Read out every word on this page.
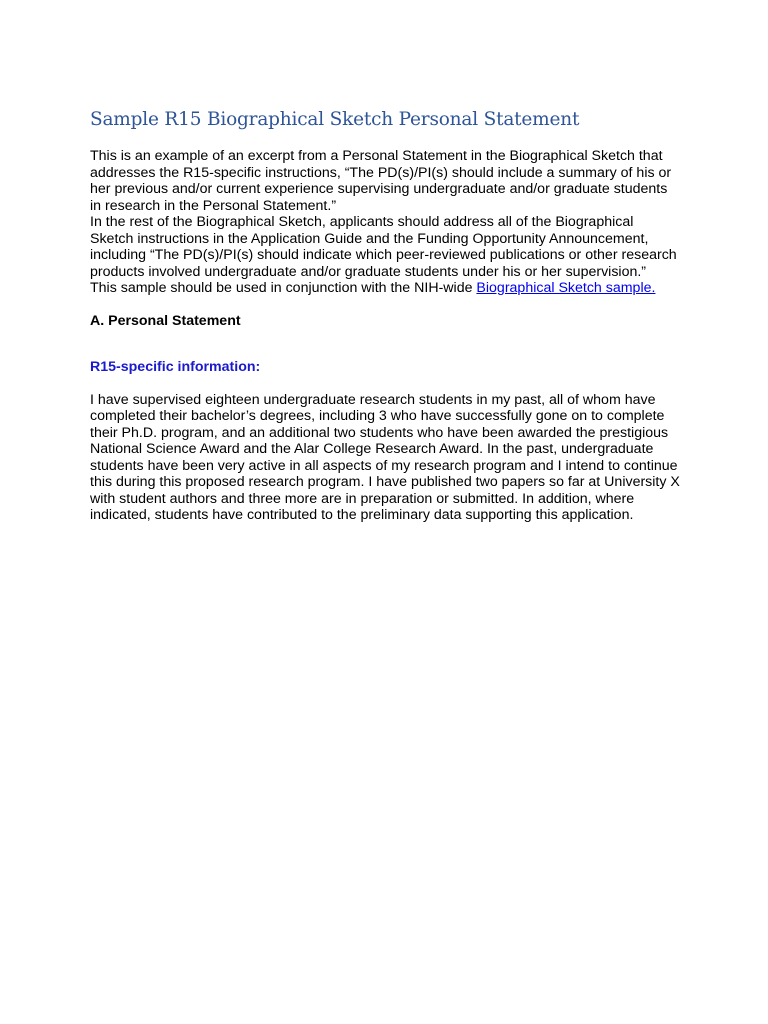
Sample R15 Biographical Sketch Personal Statement

This is an example of an excerpt from a Personal Statement in the Biographical Sketch that addresses the R15-specific instructions, “The PD(s)/PI(s) should include a summary of his or her previous and/or current experience supervising undergraduate and/or graduate students in research in the Personal Statement.”

In the rest of the Biographical Sketch, applicants should address all of the Biographical Sketch instructions in the Application Guide and the Funding Opportunity Announcement, including “The PD(s)/PI(s) should indicate which peer-reviewed publications or other research products involved undergraduate and/or graduate students under his or her supervision.”

This sample should be used in conjunction with the NIH-wide Biographical Sketch sample.

A. Personal Statement

R15-specific information:

I have supervised eighteen undergraduate research students in my past, all of whom have completed their bachelor’s degrees, including 3 who have successfully gone on to complete their Ph.D. program, and an additional two students who have been awarded the prestigious National Science Award and the Alar College Research Award. In the past, undergraduate students have been very active in all aspects of my research program and I intend to continue this during this proposed research program. I have published two papers so far at University X with student authors and three more are in preparation or submitted. In addition, where indicated, students have contributed to the preliminary data supporting this application.
